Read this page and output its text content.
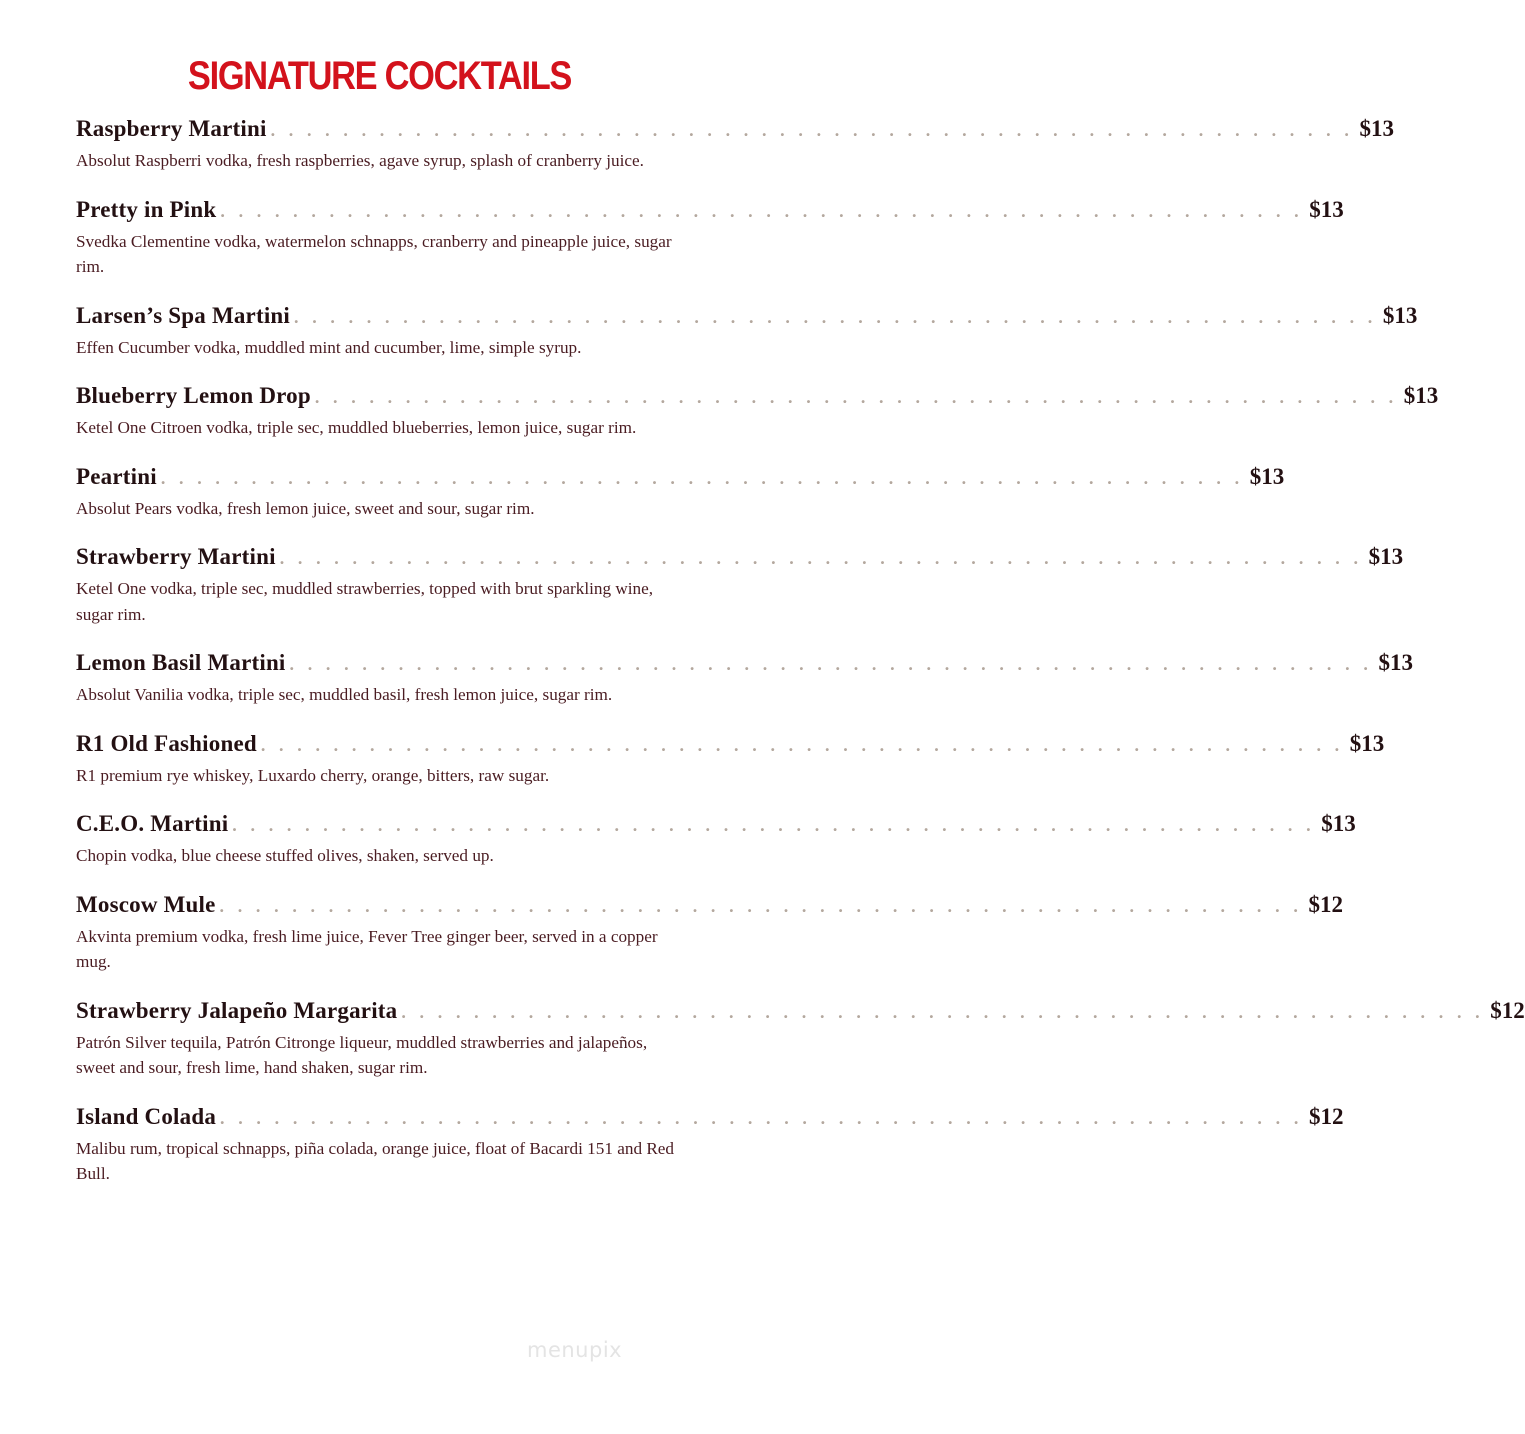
SIGNATURE COCKTAILS
Raspberry Martini . . . . . . . . . . . . . . . . . . . . . . . . . . . . . . . . . . . . . . . . . . . . . . . . . . . . . . . . . . . . $13
Absolut Raspberri vodka, fresh raspberries, agave syrup, splash of cranberry juice.
Pretty in Pink . . . . . . . . . . . . . . . . . . . . . . . . . . . . . . . . . . . . . . . . . . . . . . . . . . . . . . . . . . . . $13
Svedka Clementine vodka, watermelon schnapps, cranberry and pineapple juice, sugar rim.
Larsen’s Spa Martini . . . . . . . . . . . . . . . . . . . . . . . . . . . . . . . . . . . . . . . . . . . . . . . . . . . . . . . . . . . . $13
Effen Cucumber vodka, muddled mint and cucumber, lime, simple syrup.
Blueberry Lemon Drop . . . . . . . . . . . . . . . . . . . . . . . . . . . . . . . . . . . . . . . . . . . . . . . . . . . . . . . . . . . . $13
Ketel One Citroen vodka, triple sec, muddled blueberries, lemon juice, sugar rim.
Peartini . . . . . . . . . . . . . . . . . . . . . . . . . . . . . . . . . . . . . . . . . . . . . . . . . . . . . . . . . . . . $13
Absolut Pears vodka, fresh lemon juice, sweet and sour, sugar rim.
Strawberry Martini . . . . . . . . . . . . . . . . . . . . . . . . . . . . . . . . . . . . . . . . . . . . . . . . . . . . . . . . . . . . $13
Ketel One vodka, triple sec, muddled strawberries, topped with brut sparkling wine, sugar rim.
Lemon Basil Martini . . . . . . . . . . . . . . . . . . . . . . . . . . . . . . . . . . . . . . . . . . . . . . . . . . . . . . . . . . . . $13
Absolut Vanilia vodka, triple sec, muddled basil, fresh lemon juice, sugar rim.
R1 Old Fashioned . . . . . . . . . . . . . . . . . . . . . . . . . . . . . . . . . . . . . . . . . . . . . . . . . . . . . . . . . . . . $13
R1 premium rye whiskey, Luxardo cherry, orange, bitters, raw sugar.
C.E.O. Martini . . . . . . . . . . . . . . . . . . . . . . . . . . . . . . . . . . . . . . . . . . . . . . . . . . . . . . . . . . . . $13
Chopin vodka, blue cheese stuffed olives, shaken, served up.
Moscow Mule . . . . . . . . . . . . . . . . . . . . . . . . . . . . . . . . . . . . . . . . . . . . . . . . . . . . . . . . . . . . $12
Akvinta premium vodka, fresh lime juice, Fever Tree ginger beer, served in a copper mug.
Strawberry Jalapeño Margarita . . . . . . . . . . . . . . . . . . . . . . . . . . . . . . . . . . . . . . . . . . . . . . . . . . . . . . . . . . . . $12
Patrón Silver tequila, Patrón Citronge liqueur, muddled strawberries and jalapeños, sweet and sour, fresh lime, hand shaken, sugar rim.
Island Colada . . . . . . . . . . . . . . . . . . . . . . . . . . . . . . . . . . . . . . . . . . . . . . . . . . . . . . . . . . . . $12
Malibu rum, tropical schnapps, piña colada, orange juice, float of Bacardi 151 and Red Bull.
menupix
